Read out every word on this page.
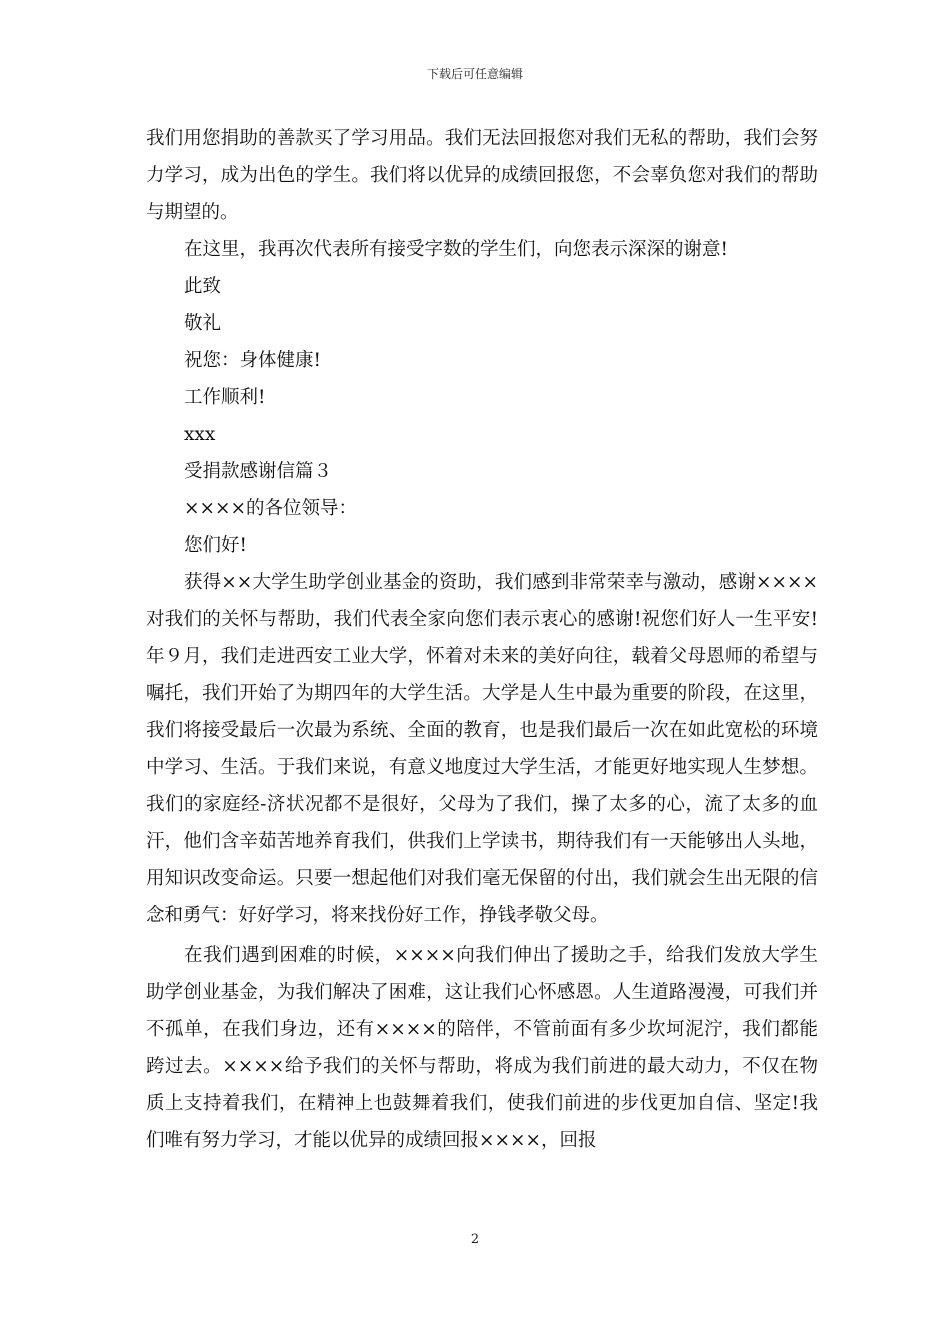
下载后可任意编辑

我们用您捐助的善款买了学习用品。我们无法回报您对我们无私的帮助，我们会努力学习，成为出色的学生。我们将以优异的成绩回报您，不会辜负您对我们的帮助与期望的。

在这里，我再次代表所有接受字数的学生们，向您表示深深的谢意!

此致

敬礼

祝您：身体健康!

工作顺利!

xxx

受捐款感谢信篇３

××××的各位领导：

您们好!

获得××大学生助学创业基金的资助，我们感到非常荣幸与激动，感谢××××对我们的关怀与帮助，我们代表全家向您们表示衷心的感谢!祝您们好人一生平安!年９月，我们走进西安工业大学，怀着对未来的美好向往，载着父母恩师的希望与嘱托，我们开始了为期四年的大学生活。大学是人生中最为重要的阶段，在这里，我们将接受最后一次最为系统、全面的教育，也是我们最后一次在如此宽松的环境中学习、生活。于我们来说，有意义地度过大学生活，才能更好地实现人生梦想。我们的家庭经-济状况都不是很好，父母为了我们，操了太多的心，流了太多的血汗，他们含辛茹苦地养育我们，供我们上学读书，期待我们有一天能够出人头地，用知识改变命运。只要一想起他们对我们毫无保留的付出，我们就会生出无限的信念和勇气：好好学习，将来找份好工作，挣钱孝敬父母。

在我们遇到困难的时候，××××向我们伸出了援助之手，给我们发放大学生助学创业基金，为我们解决了困难，这让我们心怀感恩。人生道路漫漫，可我们并不孤单，在我们身边，还有××××的陪伴，不管前面有多少坎坷泥泞，我们都能跨过去。××××给予我们的关怀与帮助，将成为我们前进的最大动力，不仅在物质上支持着我们，在精神上也鼓舞着我们，使我们前进的步伐更加自信、坚定!我们唯有努力学习，才能以优异的成绩回报××××，回报

2
